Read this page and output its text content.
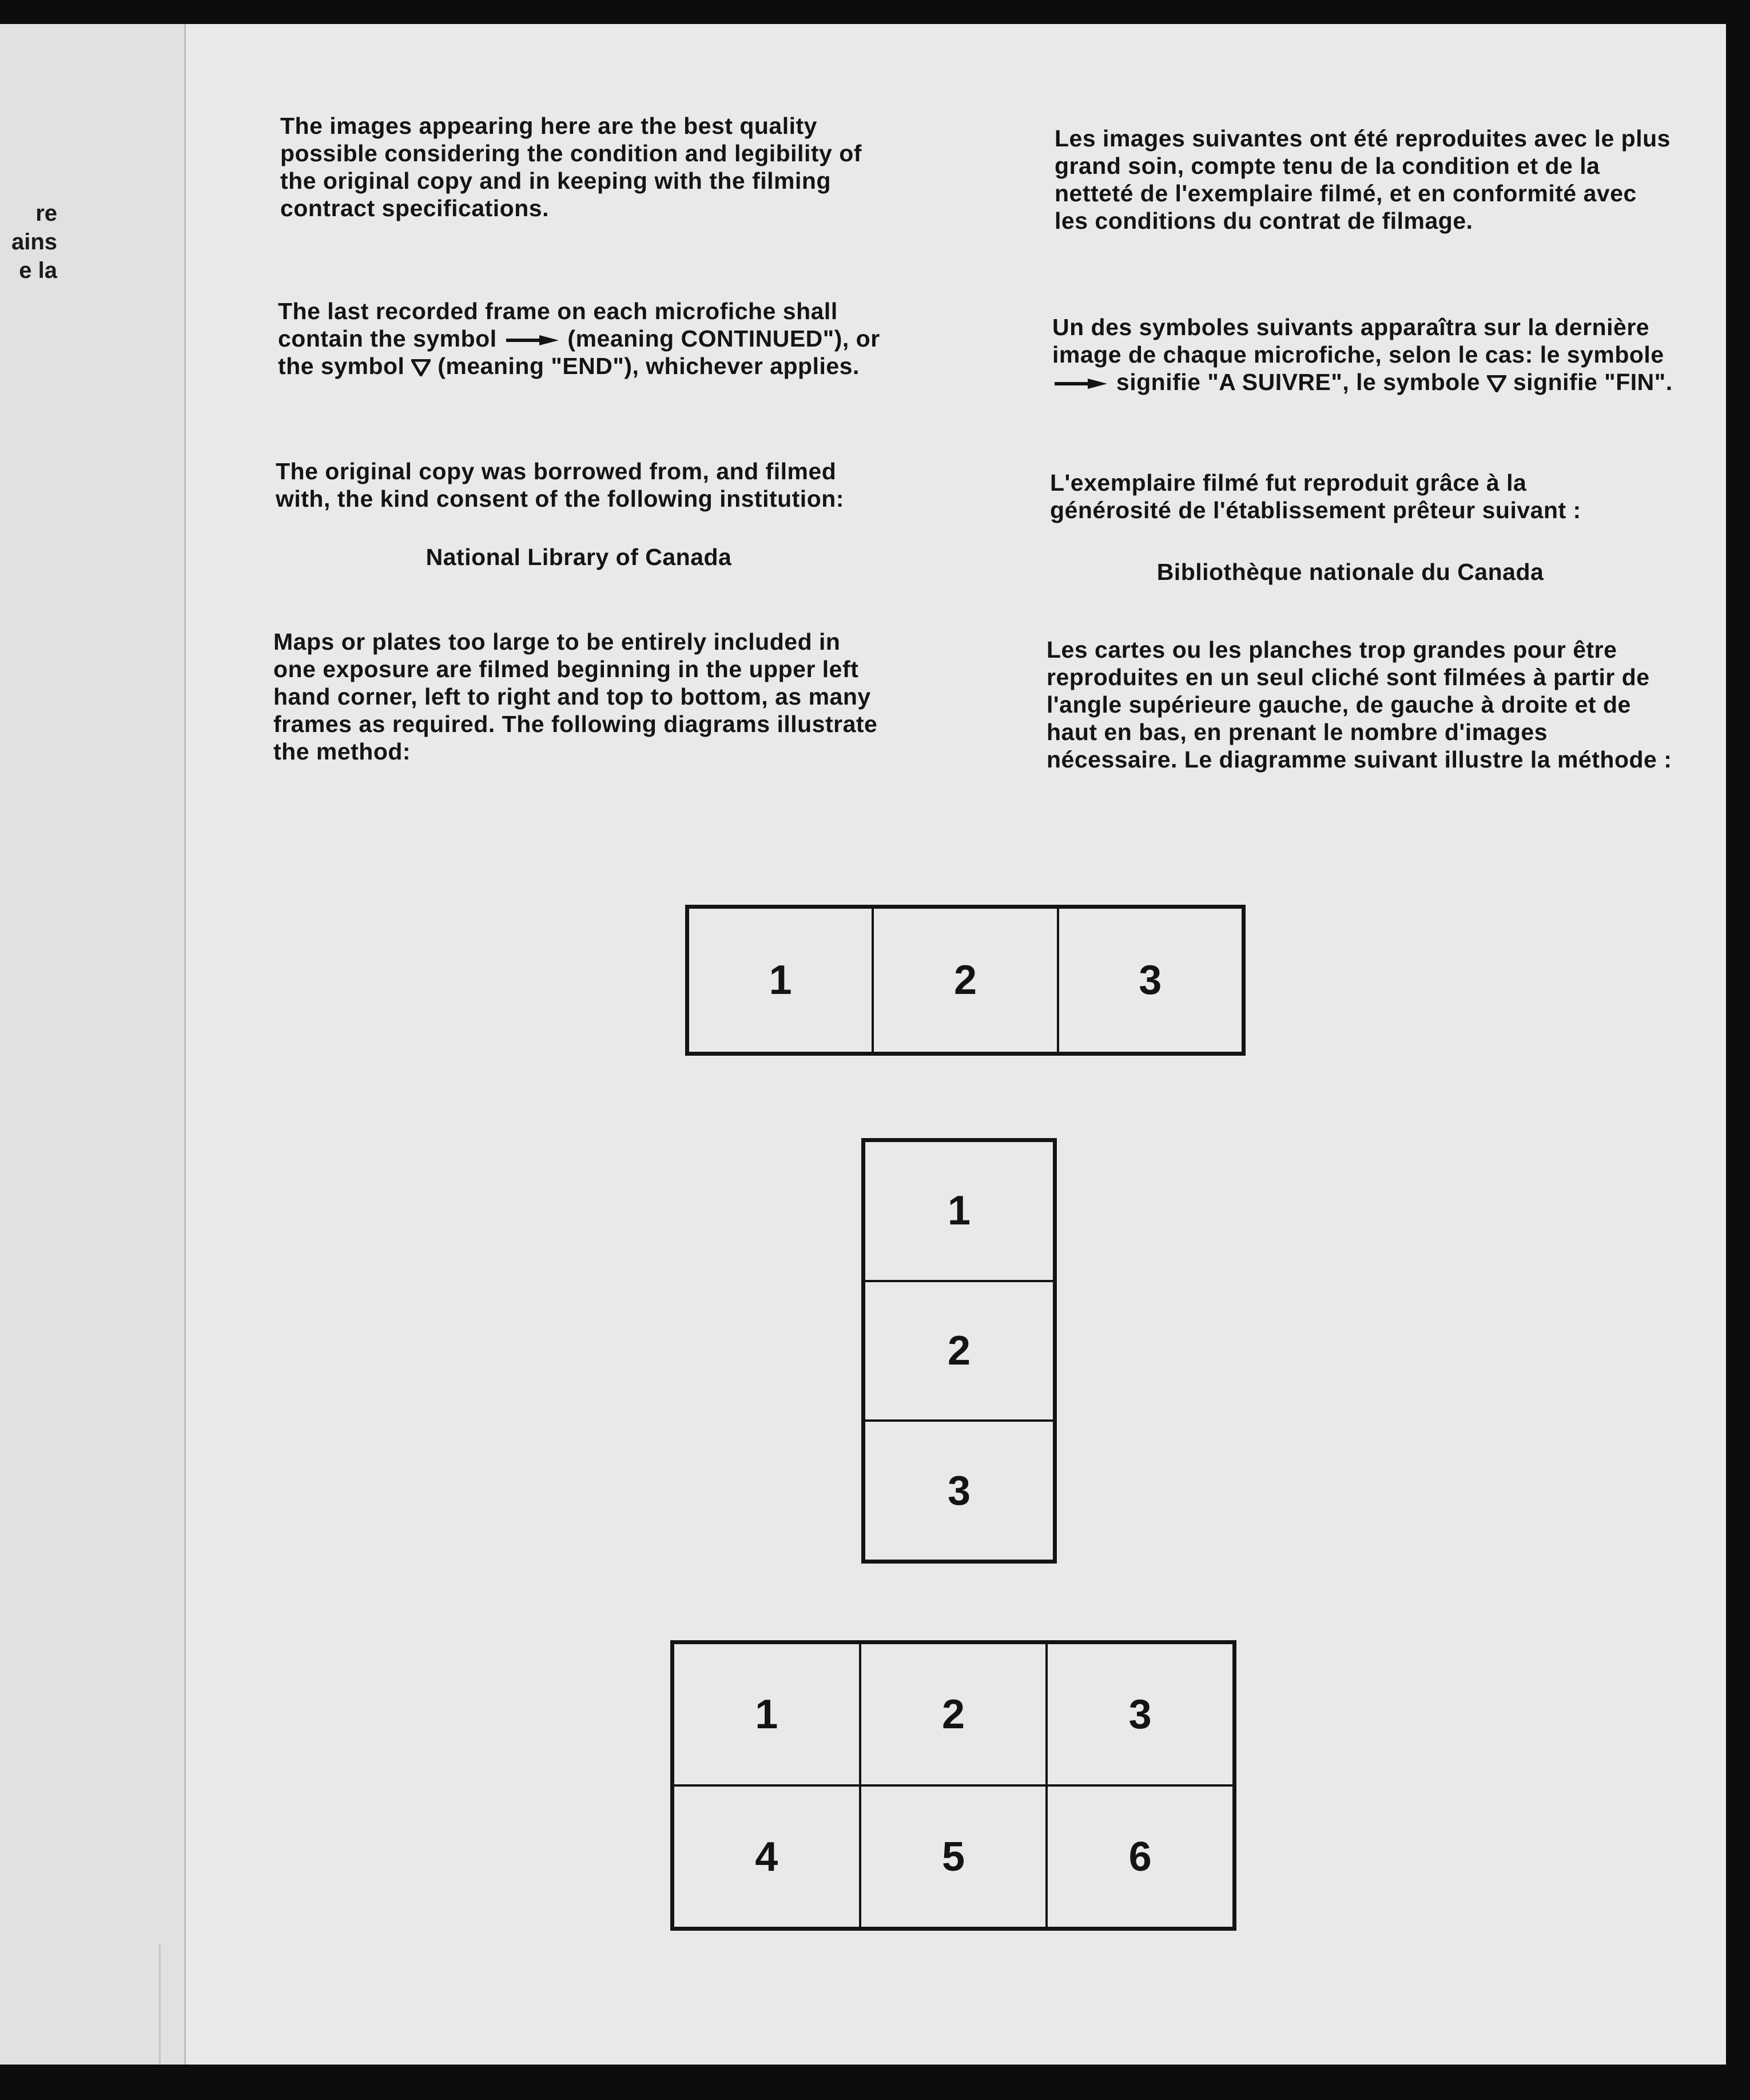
re
ains
e la

The images appearing here are the best quality possible considering the condition and legibility of the original copy and in keeping with the filming contract specifications.

The last recorded frame on each microfiche shall contain the symbol	(meaning CONTINUED"), or the symbol (meaning "END"), whichever applies.

The original copy was borrowed from, and filmed with, the kind consent of the following institution:

National Library of Canada

Maps or plates too large to be entirely included in one exposure are filmed beginning in the upper left hand corner, left to right and top to bottom, as many frames as required. The following diagrams illustrate the method:

Les images suivantes ont été reproduites avec le plus grand soin, compte tenu de la condition et de la netteté de l'exemplaire filmé, et en conformité avec les conditions du contrat de filmage.

Un des symboles suivants apparaîtra sur la dernière image de chaque microfiche, selon le cas: le symbole  signifie "A SUIVRE", le symbole signifie "FIN".

L'exemplaire filmé fut reproduit grâce à la générosité de l'établissement prêteur suivant :

Bibliothèque nationale du Canada

Les cartes ou les planches trop grandes pour être reproduites en un seul cliché sont filmées à partir de l'angle supérieure gauche, de gauche à droite et de haut en bas, en prenant le nombre d'images nécessaire. Le diagramme suivant illustre la méthode :

1	2	3
1
2
3
1	2	3
4	5	6
